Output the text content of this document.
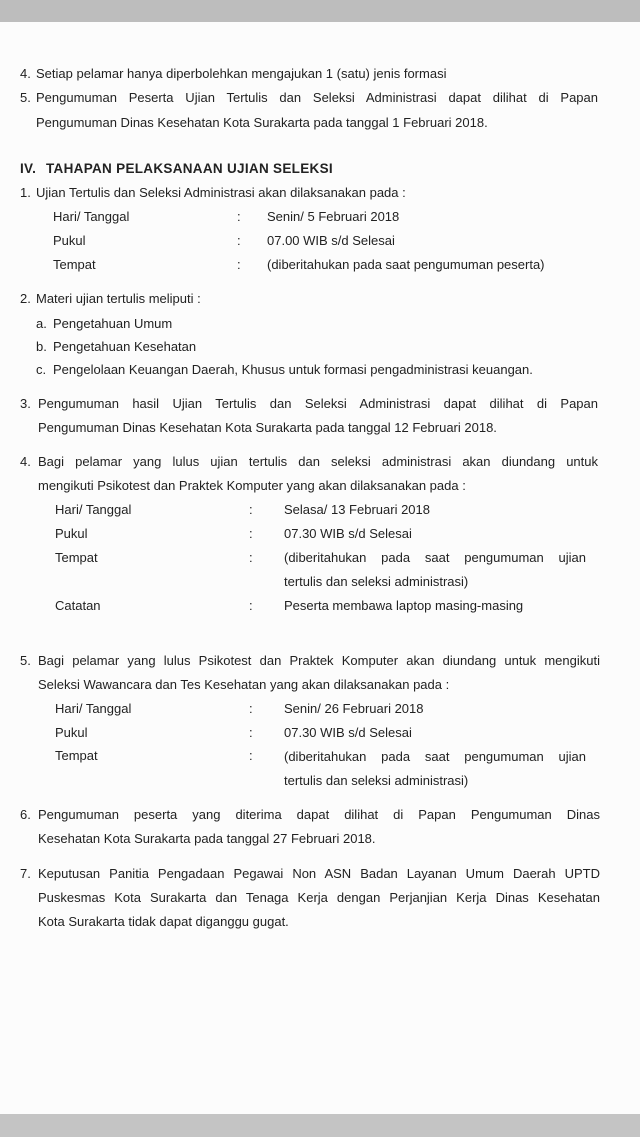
4. Setiap pelamar hanya diperbolehkan mengajukan 1 (satu) jenis formasi
5. Pengumuman Peserta Ujian Tertulis dan Seleksi Administrasi dapat dilihat di Papan
Pengumuman Dinas Kesehatan Kota Surakarta pada tanggal 1 Februari 2018.
IV. TAHAPAN PELAKSANAAN UJIAN SELEKSI
1. Ujian Tertulis dan Seleksi Administrasi akan dilaksanakan pada :
Hari/ Tanggal	: Senin/ 5 Februari 2018
Pukul	: 07.00 WIB s/d Selesai
Tempat	: (diberitahukan pada saat pengumuman peserta)
2. Materi ujian tertulis meliputi :
a. Pengetahuan Umum
b. Pengetahuan Kesehatan
c. Pengelolaan Keuangan Daerah, Khusus untuk formasi pengadministrasi keuangan.
3. Pengumuman hasil Ujian Tertulis dan Seleksi Administrasi dapat dilihat di Papan
Pengumuman Dinas Kesehatan Kota Surakarta pada tanggal 12 Februari 2018.
4. Bagi pelamar yang lulus ujian tertulis dan seleksi administrasi akan diundang untuk
mengikuti Psikotest dan Praktek Komputer yang akan dilaksanakan pada :
Hari/ Tanggal	: Selasa/ 13 Februari 2018
Pukul	: 07.30 WIB s/d Selesai
Tempat	: (diberitahukan pada saat pengumuman ujian
tertulis dan seleksi administrasi)
Catatan	: Peserta membawa laptop masing-masing
5. Bagi pelamar yang lulus Psikotest dan Praktek Komputer akan diundang untuk mengikuti
Seleksi Wawancara dan Tes Kesehatan yang akan dilaksanakan pada :
Hari/ Tanggal	: Senin/ 26 Februari 2018
Pukul	: 07.30 WIB s/d Selesai
Tempat	: (diberitahukan pada saat pengumuman ujian
tertulis dan seleksi administrasi)
6. Pengumuman peserta yang diterima dapat dilihat di Papan Pengumuman Dinas
Kesehatan Kota Surakarta pada tanggal 27 Februari 2018.
7. Keputusan Panitia Pengadaan Pegawai Non ASN Badan Layanan Umum Daerah UPTD
Puskesmas Kota Surakarta dan Tenaga Kerja dengan Perjanjian Kerja Dinas Kesehatan
Kota Surakarta tidak dapat diganggu gugat.
